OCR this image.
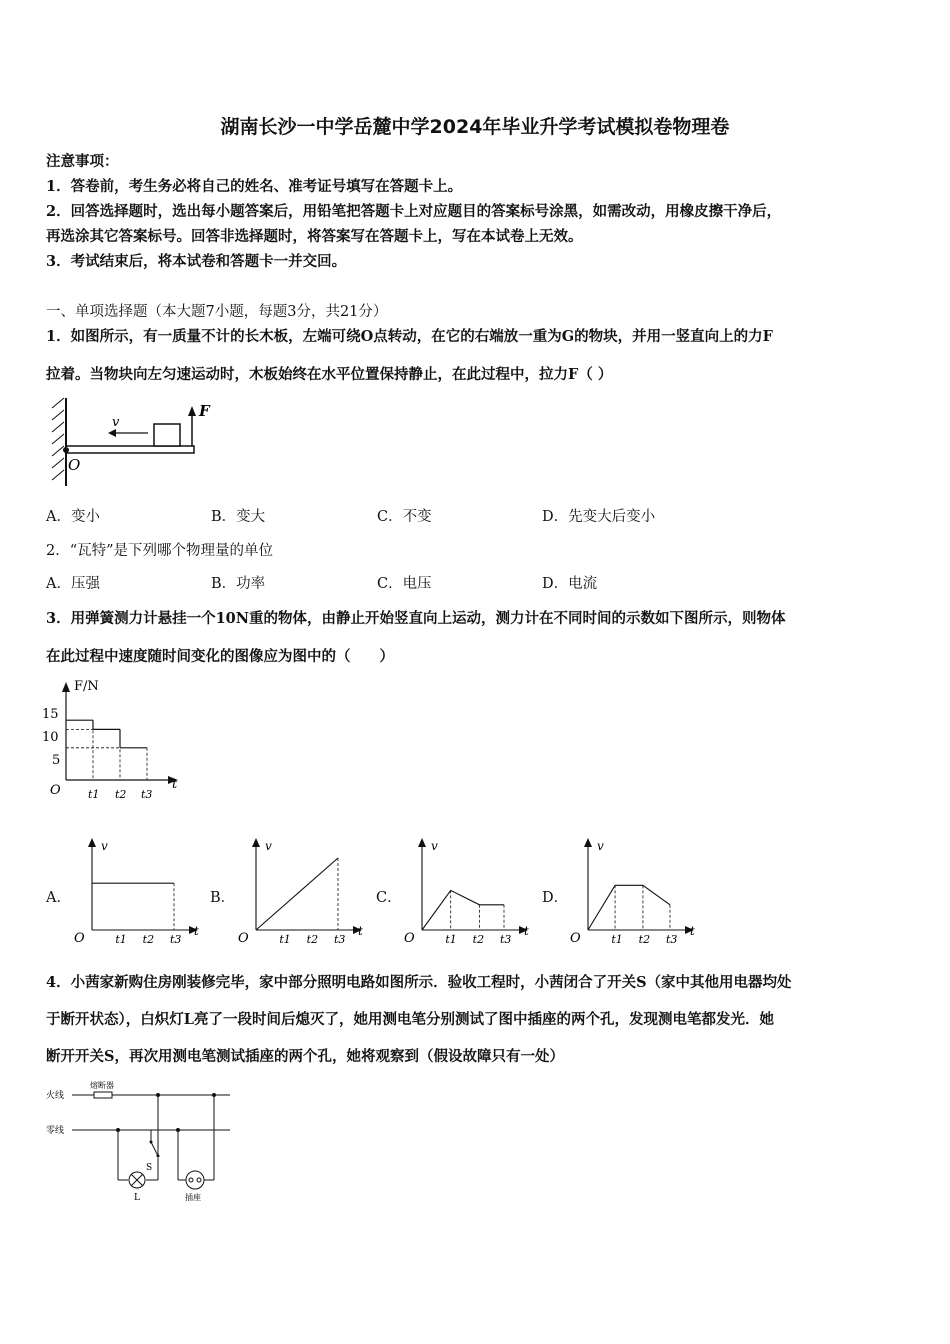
湖南长沙一中学岳麓中学2024年毕业升学考试模拟卷物理卷
注意事项：
1．答卷前，考生务必将自己的姓名、准考证号填写在答题卡上。
2．回答选择题时，选出每小题答案后，用铅笔把答题卡上对应题目的答案标号涂黑，如需改动，用橡皮擦干净后，
再选涂其它答案标号。回答非选择题时，将答案写在答题卡上，写在本试卷上无效。
3．考试结束后，将本试卷和答题卡一并交回。
一、单项选择题（本大题7小题，每题3分，共21分）
1．如图所示，有一质量不计的长木板，左端可绕O点转动，在它的右端放一重为G的物块，并用一竖直向上的力F
拉着。当物块向左匀速运动时，木板始终在水平位置保持静止，在此过程中，拉力F（ ）
v
F
O
A．变小	B．变大	C．不变	D．先变大后变小
2．“瓦特”是下列哪个物理量的单位
A．压强	B．功率	C．电压	D．电流
3．用弹簧测力计悬挂一个10N重的物体，由静止开始竖直向上运动，测力计在不同时间的示数如下图所示，则物体
在此过程中速度随时间变化的图像应为图中的（　　）
F/N
t
O
15
10
5
t1 t2 t3
A．
v
t
O	t1 t2 t3
B．
v
t
O	t1 t2 t3
C．
v
t
O	t1 t2 t3
D．
v
t
O	t1 t2 t3
4．小茜家新购住房刚装修完毕，家中部分照明电路如图所示．验收工程时，小茜闭合了开关S（家中其他用电器均处
于断开状态），白炽灯L亮了一段时间后熄灭了，她用测电笔分别测试了图中插座的两个孔，发现测电笔都发光．她
断开开关S，再次用测电笔测试插座的两个孔，她将观察到（假设故障只有一处）
火线
零线
熔断器
S
L	插座
